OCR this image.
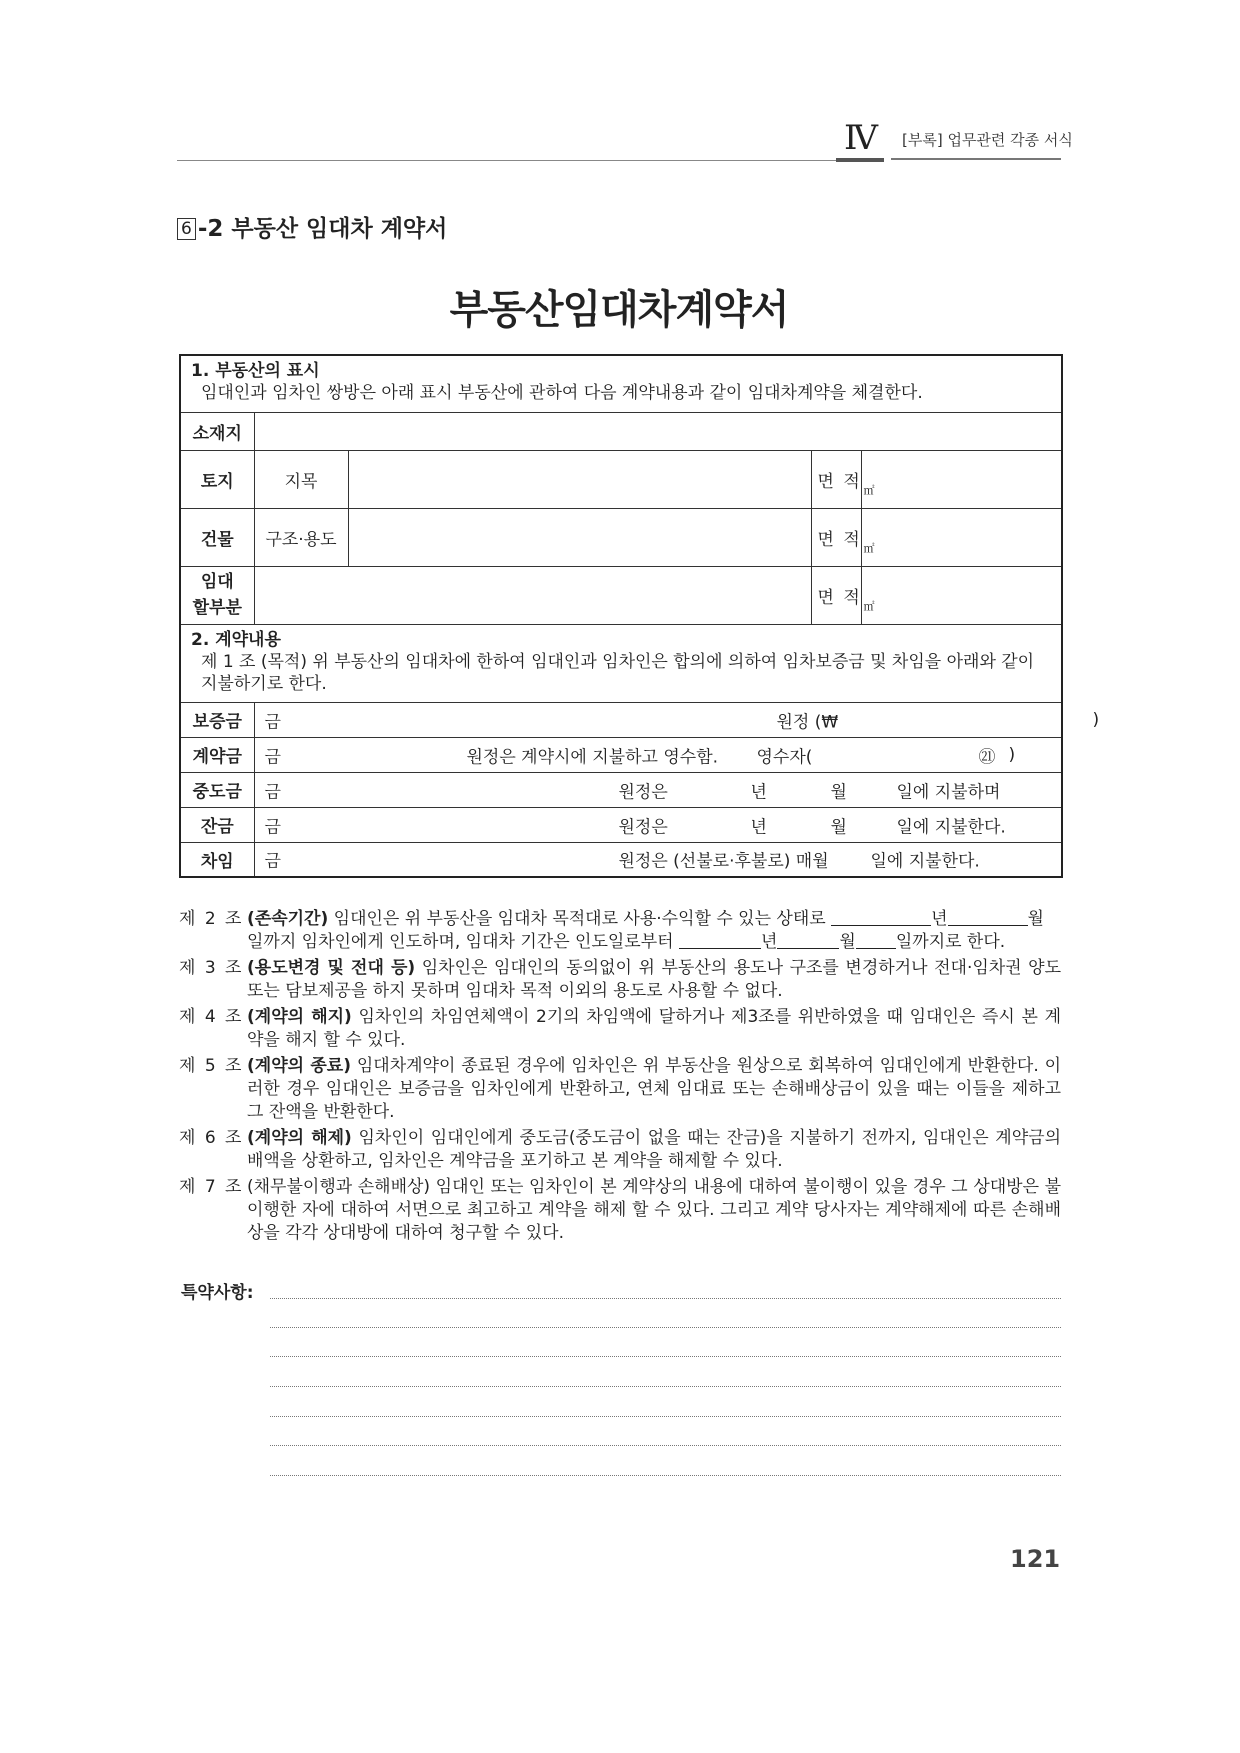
Ⅳ [부록] 업무관련 각종 서식
6 -2 부동산 임대차 계약서
부동산임대차계약서
1. 부동산의 표시
임대인과 임차인 쌍방은 아래 표시 부동산에 관하여 다음 계약내용과 같이 임대차계약을 체결한다.				

소재지				
토지	지목		면 적	$_㎡$
건물	구조·용도		면 적	$_㎡$

임대
할부분			면 적	$_㎡$

2. 계약내용
제 1 조 (목적) 위 부동산의 임대차에 한하여 임대인과 임차인은 합의에 의하여 임차보증금 및 차임을 아래와 같이 지불하기로 한다.				

보증금	금 원정 (₩ )			

계약금	금 원정은 계약시에 지불하고 영수함. 영수자( ㉑ )			

중도금	금 원정은 년 월 일에 지불하며			

잔금	금 원정은 년 월 일에 지불한다.			

차임	금 원정은 (선불로·후불로) 매월 일에 지불한다.			
제 2 조 (존속기간) 임대인은 위 부동산을 임대차 목적대로 사용·수익할 수 있는 상태로	년	월
일까지 임차인에게 인도하며, 임대차 기간은 인도일로부터	년	월 일까지로 한다.
제 3 조 (용도변경 및 전대 등) 임차인은 임대인의 동의없이 위 부동산의 용도나 구조를 변경하거나 전대·임차권 양도 또는 담보제공을 하지 못하며 임대차 목적 이외의 용도로 사용할 수 없다.
제 4 조 (계약의 해지) 임차인의 차임연체액이 2기의 차임액에 달하거나 제3조를 위반하였을 때 임대인은 즉시 본 계약을 해지 할 수 있다.
제 5 조 (계약의 종료) 임대차계약이 종료된 경우에 임차인은 위 부동산을 원상으로 회복하여 임대인에게 반환한다. 이러한 경우 임대인은 보증금을 임차인에게 반환하고, 연체 임대료 또는 손해배상금이 있을 때는 이들을 제하고 그 잔액을 반환한다.
제 6 조 (계약의 해제) 임차인이 임대인에게 중도금(중도금이 없을 때는 잔금)을 지불하기 전까지, 임대인은 계약금의 배액을 상환하고, 임차인은 계약금을 포기하고 본 계약을 해제할 수 있다.
제 7 조 (채무불이행과 손해배상) 임대인 또는 임차인이 본 계약상의 내용에 대하여 불이행이 있을 경우 그 상대방은 불이행한 자에 대하여 서면으로 최고하고 계약을 해제 할 수 있다. 그리고 계약 당사자는 계약해제에 따른 손해배상을 각각 상대방에 대하여 청구할 수 있다.
특약사항:
121
